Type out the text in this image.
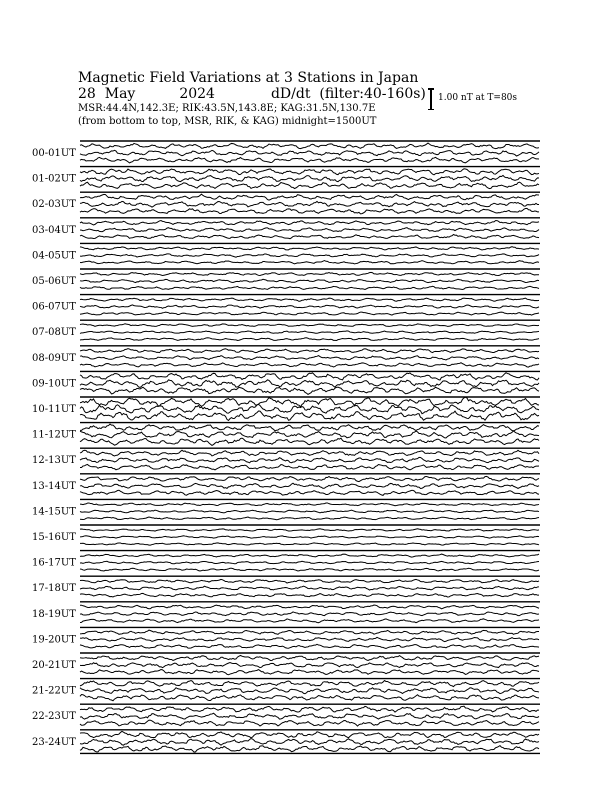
Magnetic Field Variations at 3 Stations in Japan
28 May	2024	dD/dt (filter:40-160s)
MSR:44.4N,142.3E; RIK:43.5N,143.8E; KAG:31.5N,130.7E
(from bottom to top, MSR, RIK, & KAG) midnight=1500UT
1.00 nT at T=80s
00-01UT
01-02UT
02-03UT
03-04UT
04-05UT
05-06UT
06-07UT
07-08UT
08-09UT
09-10UT
10-11UT
11-12UT
12-13UT
13-14UT
14-15UT
15-16UT
16-17UT
17-18UT
18-19UT
19-20UT
20-21UT
21-22UT
22-23UT
23-24UT
